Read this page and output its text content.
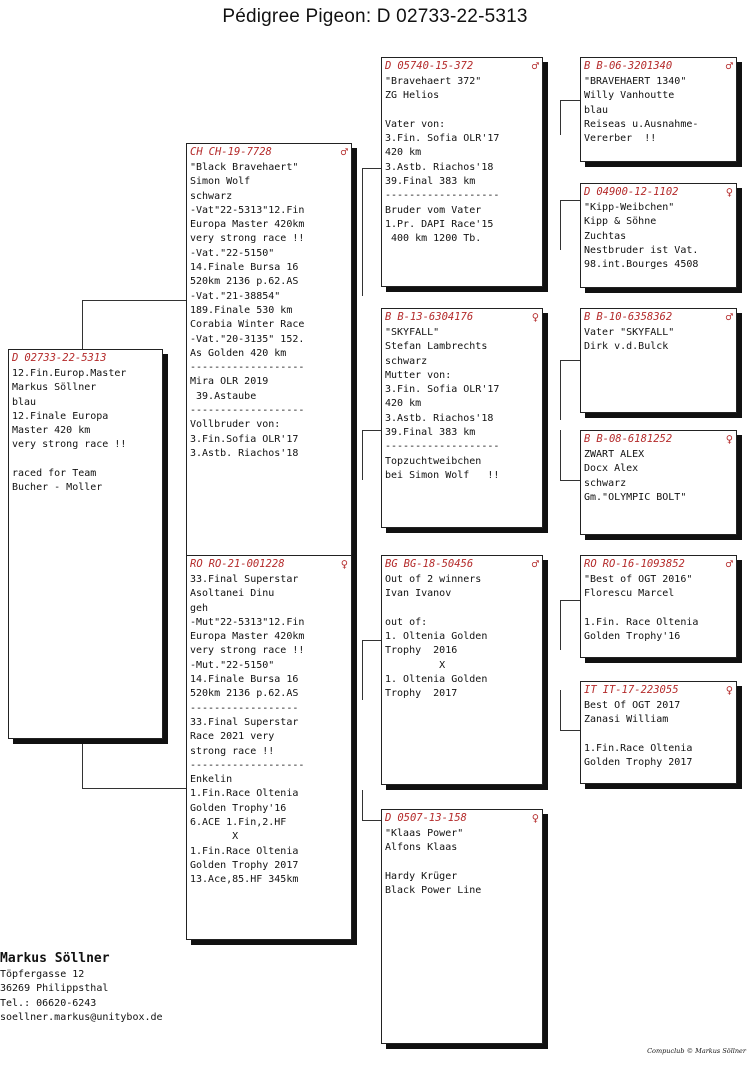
Pédigree Pigeon: D 02733-22-5313
D 02733-22-5313
12.Fin.Europ.Master
Markus Söllner
blau
12.Finale Europa
Master 420 km
very strong race !!

raced for Team
Bucher - Moller
CH CH-19-7728	♂
"Black Bravehaert"
Simon Wolf
schwarz
-Vat"22-5313"12.Fin
Europa Master 420km
very strong race !!
-Vat."22-5150"
14.Finale Bursa 16
520km 2136 p.62.AS
-Vat."21-38854"
189.Finale 530 km
Corabia Winter Race
-Vat."20-3135" 152.
As Golden 420 km
-------------------
Mira OLR 2019
39.Astaube
-------------------
Vollbruder von:
3.Fin.Sofia OLR'17
3.Astb. Riachos'18
RO RO-21-001228	♀
33.Final Superstar
Asoltanei Dinu
geh
-Mut"22-5313"12.Fin
Europa Master 420km
very strong race !!
-Mut."22-5150"
14.Finale Bursa 16
520km 2136 p.62.AS
------------------
33.Final Superstar
Race 2021 very
strong race !!
-------------------
Enkelin
1.Fin.Race Oltenia
Golden Trophy'16
6.ACE 1.Fin,2.HF
X
1.Fin.Race Oltenia
Golden Trophy 2017
13.Ace,85.HF 345km
D 05740-15-372	♂
"Bravehaert 372"
ZG Helios

Vater von:
3.Fin. Sofia OLR'17
420 km
3.Astb. Riachos'18
39.Final 383 km
-------------------
Bruder vom Vater
1.Pr. DAPI Race'15
400 km 1200 Tb.
B B-13-6304176	♀
"SKYFALL"
Stefan Lambrechts
schwarz
Mutter von:
3.Fin. Sofia OLR'17
420 km
3.Astb. Riachos'18
39.Final 383 km
-------------------
Topzuchtweibchen
bei Simon Wolf   !!
BG BG-18-50456	♂
Out of 2 winners
Ivan Ivanov

out of:
1. Oltenia Golden
Trophy  2016
X
1. Oltenia Golden
Trophy  2017
D 0507-13-158	♀
"Klaas Power"
Alfons Klaas

Hardy Krüger
Black Power Line
B B-06-3201340	♂
"BRAVEHAERT 1340"
Willy Vanhoutte
blau
Reiseas u.Ausnahme-
Vererber  !!
D 04900-12-1102	♀
"Kipp-Weibchen"
Kipp & Söhne
Zuchtas
Nestbruder ist Vat.
98.int.Bourges 4508
B B-10-6358362	♂
Vater "SKYFALL"
Dirk v.d.Bulck
B B-08-6181252	♀
ZWART ALEX
Docx Alex
schwarz
Gm."OLYMPIC BOLT"
RO RO-16-1093852	♂
"Best of OGT 2016"
Florescu Marcel

1.Fin. Race Oltenia
Golden Trophy'16
IT IT-17-223055	♀
Best Of OGT 2017
Zanasi William

1.Fin.Race Oltenia
Golden Trophy 2017
Markus Söllner
Töpfergasse 12
36269 Philippsthal
Tel.: 06620-6243
soellner.markus@unitybox.de
Compuclub © Markus Söllner
